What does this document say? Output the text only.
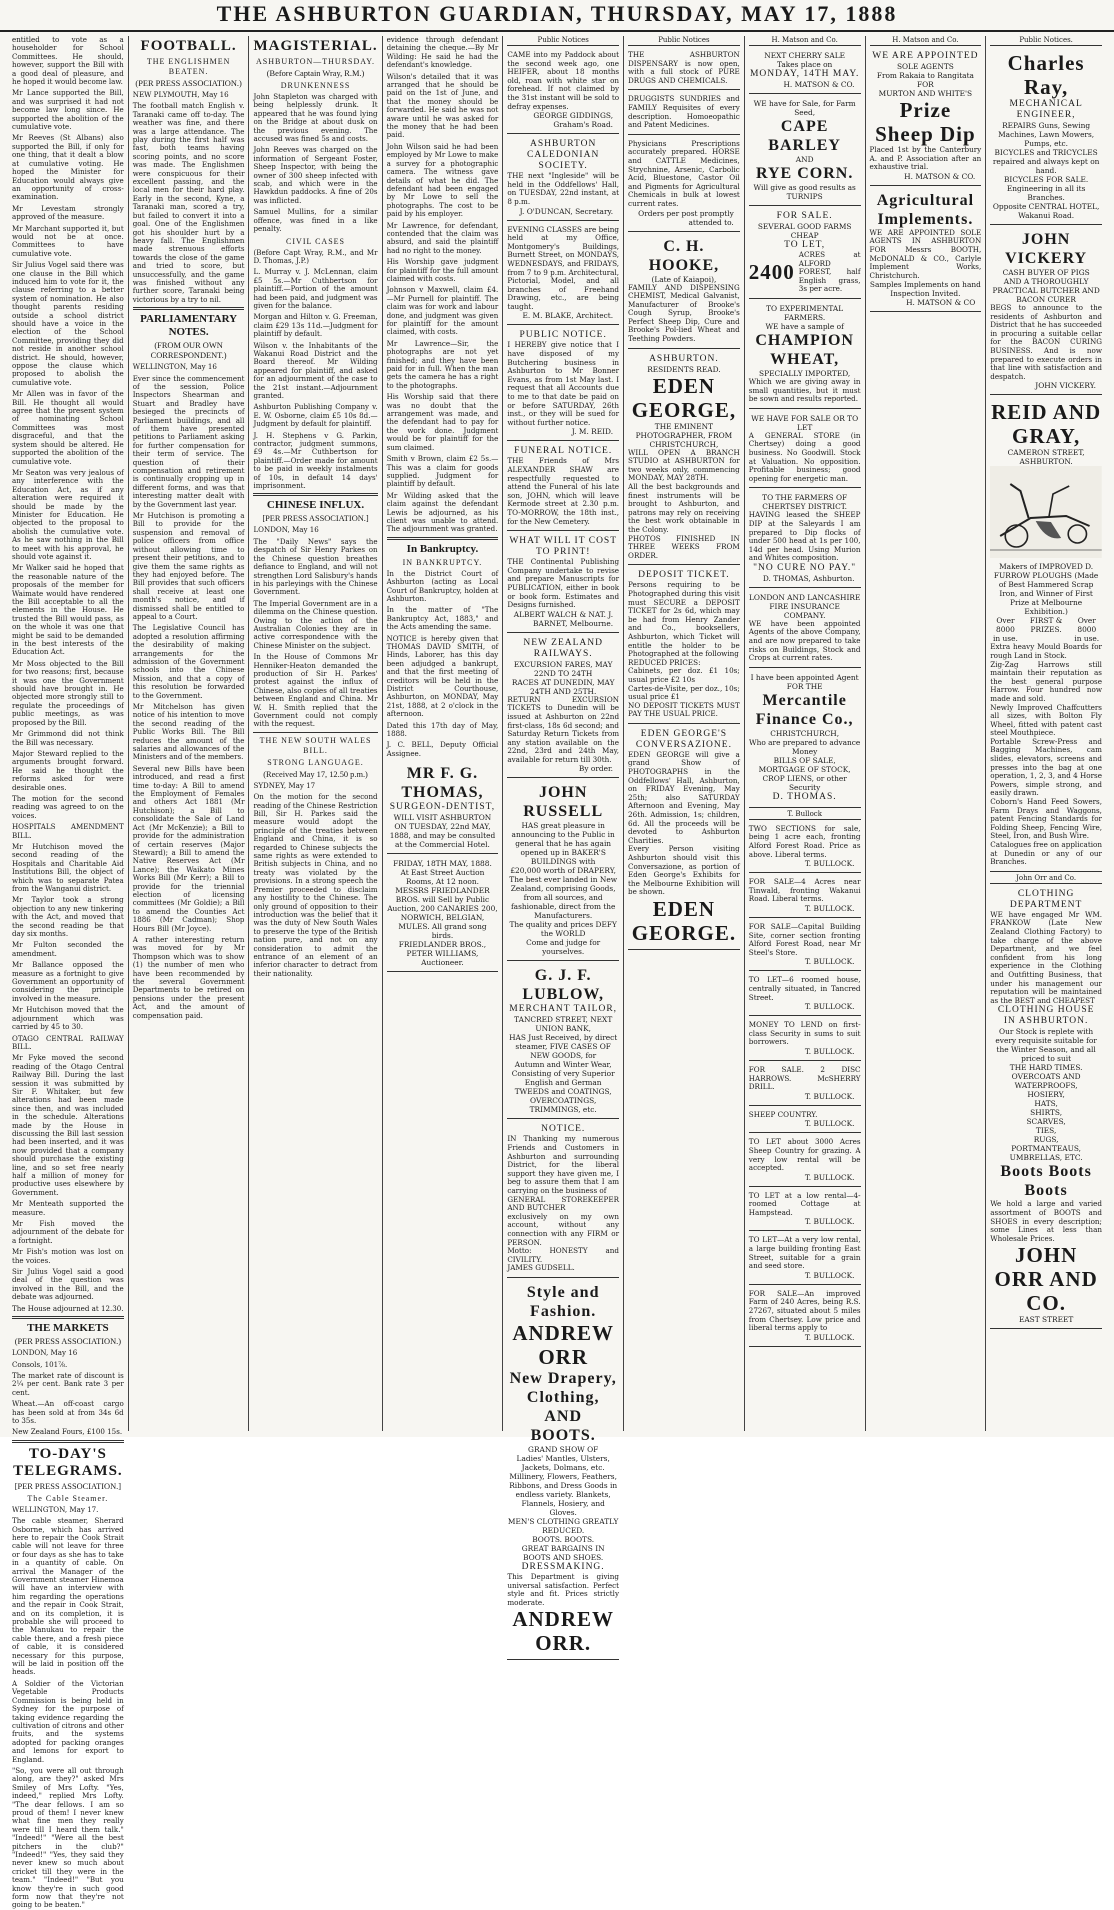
THE ASHBURTON GUARDIAN, THURSDAY, MAY 17, 1888

entitled to vote as a householder for School Committees. He should, however, support the Bill with a good deal of pleasure, and he hoped it would become law.

Mr Lance supported the Bill, and was surprised it had not become law long since. He supported the abolition of the cumulative vote.

Mr Reeves (St Albans) also supported the Bill, if only for one thing, that it dealt a blow at cumulative voting. He hoped the Minister for Education would always give an opportunity of cross-examination.

Mr Levestam strongly approved of the measure.

Mr Marchant supported it, but would not be at once. Committees to have cumulative vote.

Sir Julius Vogel said there was one clause in the Bill which induced him to vote for it, the clause referring to a better system of nomination. He also thought parents residing outside a school district should have a voice in the election of the School Committee, providing they did not reside in another school district. He should, however, oppose the clause which proposed to abolish the cumulative vote.

Mr Allen was in favor of the Bill. He thought all would agree that the present system of nominating School Committees was most disgraceful, and that the system should be altered. He supported the abolition of the cumulative vote.

Mr Seaton was very jealous of any interference with the Education Act, as if any alteration were required it should be made by the Minister for Education. He objected to the proposal to abolish the cumulative vote. As he saw nothing in the Bill to meet with his approval, he should vote against it.

Mr Walker said he hoped that the reasonable nature of the proposals of the member for Waimate would have rendered the Bill acceptable to all the elements in the House. He trusted the Bill would pass, as on the whole it was one that might be said to be demanded in the best interests of the Education Act.

Mr Moss objected to the Bill for two reasons; first, because it was one the Government should have brought in. He objected more strongly still to regulate the proceedings of public meetings, as was proposed by the Bill.

Mr Grimmond did not think the Bill was necessary.

Major Steward replied to the arguments brought forward. He said he thought the reforms asked for were desirable ones.

The motion for the second reading was agreed to on the voices.

HOSPITALS AMENDMENT BILL.

Mr Hutchison moved the second reading of the Hospitals and Charitable Aid Institutions Bill, the object of which was to separate Patea from the Wanganui district.

Mr Taylor took a strong objection to any new tinkering with the Act, and moved that the second reading be that day six months.

Mr Fulton seconded the amendment.

Mr Ballance opposed the measure as a fortnight to give Government an opportunity of considering the principle involved in the measure.

Mr Hutchison moved that the adjournment which was carried by 45 to 30.

OTAGO CENTRAL RAILWAY BILL.

Mr Fyke moved the second reading of the Otago Central Railway Bill. During the last session it was submitted by Sir F. Whitaker, but few alterations had been made since then, and was included in the schedule. Alterations made by the House in discussing the Bill last session had been inserted, and it was now provided that a company should purchase the existing line, and so set free nearly half a million of money for productive uses elsewhere by Government.

Mr Menteath supported the measure.

Mr Fish moved the adjournment of the debate for a fortnight.

Mr Fish's motion was lost on the voices.

Sir Julius Vogel said a good deal of the question was involved in the Bill, and the debate was adjourned.

The House adjourned at 12.30.

THE MARKETS
(PER PRESS ASSOCIATION.)

LONDON, May 16

Consols, 101⅞.

The market rate of discount is 2¼ per cent. Bank rate 3 per cent.

Wheat.—An off-coast cargo has been sold at from 34s 6d to 35s.

New Zealand Fours, £100 15s.

TO-DAY'S TELEGRAMS.
[PER PRESS ASSOCIATION.]
The Cable Steamer.

WELLINGTON, May 17.

The cable steamer, Sherard Osborne, which has arrived here to repair the Cook Strait cable will not leave for three or four days as she has to take in a quantity of cable. On arrival the Manager of the Government steamer Hinemoa will have an interview with him regarding the operations and the repair in Cook Strait, and on its completion, it is probable she will proceed to the Manukau to repair the cable there, and a fresh piece of cable, it is considered necessary for this purpose, will be laid in position off the heads.

A Soldier of the Victorian Vegetable Products Commission is being held in Sydney for the purpose of taking evidence regarding the cultivation of citrons and other fruits, and the systems adopted for packing oranges and lemons for export to England.

"So, you were all out through along, are they?" asked Mrs Smiley of Mrs Lofty. "Yes, indeed," replied Mrs Lofty. "The dear fellows. I am so proud of them! I never knew what fine men they really were till I heard them talk." "Indeed!" "Were all the best pitchers in the club?" "Indeed!" "Yes, they said they never knew so much about cricket till they were in the team." "Indeed!" "But you know they're in such good form now that they're not going to be beaten."

FOOTBALL.
THE ENGLISHMEN BEATEN.
(PER PRESS ASSOCIATION.)

NEW PLYMOUTH, May 16

The football match English v. Taranaki came off to-day. The weather was fine, and there was a large attendance. The play during the first half was fast, both teams having scoring points, and no score was made. The Englishmen were conspicuous for their excellent passing, and the local men for their hard play. Early in the second, Kyne, a Taranaki man, scored a try, but failed to convert it into a goal. One of the Englishmen got his shoulder hurt by a heavy fall. The Englishmen made strenuous efforts towards the close of the game and tried to score, but unsuccessfully, and the game was finished without any further score, Taranaki being victorious by a try to nil.

PARLIAMENTARY NOTES.
(FROM OUR OWN CORRESPONDENT.)

WELLINGTON, May 16

Ever since the commencement of the session, Police Inspectors Shearman and Stuart and Bradley have besieged the precincts of Parliament buildings, and all of them have presented petitions to Parliament asking for further compensation for their term of service. The question of their compensation and retirement is continually cropping up in different forms, and was that interesting matter dealt with by the Government last year.

Mr Hutchison is promoting a Bill to provide for the suspension and removal of police officers from office without allowing time to present their petitions, and to give them the same rights as they had enjoyed before. The Bill provides that such officers shall receive at least one month's notice, and if dismissed shall be entitled to appeal to a Court.

The Legislative Council has adopted a resolution affirming the desirability of making arrangements for the admission of the Government schools into the Chinese Mission, and that a copy of this resolution be forwarded to the Government.

Mr Mitchelson has given notice of his intention to move the second reading of the Public Works Bill. The Bill reduces the amount of the salaries and allowances of the Ministers and of the members.

Several new Bills have been introduced, and read a first time to-day: A Bill to amend the Employment of Females and others Act 1881 (Mr Hutchison); a Bill to consolidate the Sale of Land Act (Mr McKenzie); a Bill to provide for the administration of certain reserves (Major Steward); a Bill to amend the Native Reserves Act (Mr Lance); the Waikato Mines Works Bill (Mr Kerr); a Bill to provide for the triennial election of licensing committees (Mr Goldie); a Bill to amend the Counties Act 1886 (Mr Cadman); Shop Hours Bill (Mr Joyce).

A rather interesting return was moved for by Mr Thompson which was to show (1) the number of men who have been recommended by the several Government Departments to be retired on pensions under the present Act, and the amount of compensation paid.

MAGISTERIAL.
ASHBURTON—THURSDAY.
(Before Captain Wray, R.M.)
DRUNKENNESS

John Stapleton was charged with being helplessly drunk. It appeared that he was found lying on the Bridge at about dusk on the previous evening. The accused was fined 5s and costs.

John Reeves was charged on the information of Sergeant Foster, Sheep Inspector, with being the owner of 300 sheep infected with scab, and which were in the Hawkdun paddocks. A fine of 20s was inflicted.

Samuel Mullins, for a similar offence, was fined in a like penalty.

CIVIL CASES

(Before Capt Wray, R.M., and Mr D. Thomas, J.P.)

L. Murray v. J. McLennan, claim £5 5s.—Mr Cuthbertson for plaintiff.—Portion of the amount had been paid, and judgment was given for the balance.

Morgan and Hilton v. G. Freeman, claim £29 13s 11d.—Judgment for plaintiff by default.

Wilson v. the Inhabitants of the Wakanui Road District and the Board thereof. Mr Wilding appeared for plaintiff, and asked for an adjournment of the case to the 21st instant.—Adjournment granted.

Ashburton Publishing Company v. E. W. Osborne, claim £5 10s 8d.—Judgment by default for plaintiff.

J. H. Stephens v G. Parkin, contractor, judgment summons, £9 4s.—Mr Cuthbertson for plaintiff.—Order made for amount to be paid in weekly instalments of 10s, in default 14 days' imprisonment.

CHINESE INFLUX.
[PER PRESS ASSOCIATION.]

LONDON, May 16

The "Daily News" says the despatch of Sir Henry Parkes on the Chinese question breathes defiance to England, and will not strengthen Lord Salisbury's hands in his parleyings with the Chinese Government.

The Imperial Government are in a dilemma on the Chinese question. Owing to the action of the Australian Colonies they are in active correspondence with the Chinese Minister on the subject.

In the House of Commons Mr Henniker-Heaton demanded the production of Sir H. Parkes' protest against the influx of Chinese, also copies of all treaties between England and China. Mr W. H. Smith replied that the Government could not comply with the request.

THE NEW SOUTH WALES BILL.
STRONG LANGUAGE.
(Received May 17, 12.50 p.m.)

SYDNEY, May 17

On the motion for the second reading of the Chinese Restriction Bill, Sir H. Parkes said the measure would adopt the principle of the treaties between England and China, it is so regarded to Chinese subjects the same rights as were extended to British subjects in China, and no treaty was violated by the provisions. In a strong speech the Premier proceeded to disclaim any hostility to the Chinese. The only ground of opposition to their introduction was the belief that it was the duty of New South Wales to preserve the type of the British nation pure, and not on any consideration to admit the entrance of an element of an inferior character to detract from their nationality.

evidence through defendant detaining the cheque.—By Mr Wilding: He said he had the defendant's knowledge.

Wilson's detailed that it was arranged that he should be paid on the 1st of June, and that the money should be forwarded. He said he was not aware until he was asked for the money that he had been paid.

John Wilson said he had been employed by Mr Lowe to make a survey for a photographic camera. The witness gave details of what he did. The defendant had been engaged by Mr Lowe to sell the photographs. The cost to be paid by his employer.

Mr Lawrence, for defendant, contended that the claim was absurd, and said the plaintiff had no right to the money.

His Worship gave judgment for plaintiff for the full amount claimed with costs.

Johnson v Maxwell, claim £4.—Mr Purnell for plaintiff. The claim was for work and labour done, and judgment was given for plaintiff for the amount claimed, with costs.

Mr Lawrence—Sir, the photographs are not yet finished; and they have been paid for in full. When the man gets the camera he has a right to the photographs.

His Worship said that there was no doubt that the arrangement was made, and the defendant had to pay for the work done. Judgment would be for plaintiff for the sum claimed.

Smith v Brown, claim £2 5s.—This was a claim for goods supplied. Judgment for plaintiff by default.

Mr Wilding asked that the claim against the defendant Lewis be adjourned, as his client was unable to attend. The adjournment was granted.

In Bankruptcy.
IN BANKRUPTCY.

In the District Court of Ashburton (acting as Local Court of Bankruptcy, holden at Ashburton.

In the matter of "The Bankruptcy Act, 1883," and the Acts amending the same.

NOTICE is hereby given that THOMAS DAVID SMITH, of Hinds, Laborer, has this day been adjudged a bankrupt, and that the first meeting of creditors will be held in the District Courthouse, Ashburton, on MONDAY, May 21st, 1888, at 2 o'clock in the afternoon.

Dated this 17th day of May, 1888.

J. C. BELL, Deputy Official Assignee.

MR F. G. THOMAS,
SURGEON-DENTIST,
WILL VISIT ASHBURTON ON TUESDAY, 22nd MAY, 1888, and may be consulted at the Commercial Hotel.
FRIDAY, 18TH MAY, 1888.
At East Street Auction Rooms, At 12 noon.
MESSRS FRIEDLANDER BROS. will Sell by Public Auction, 200 CANARIES 200, NORWICH, BELGIAN, MULES. All grand song birds.
FRIEDLANDER BROS., PETER WILLIAMS, Auctioneer.
Public Notices
CAME into my Paddock about the second week ago, one HEIFER, about 18 months old, roan with white star on forehead. If not claimed by the 31st instant will be sold to defray expenses.
GEORGE GIDDINGS, Graham's Road.
ASHBURTON CALEDONIAN SOCIETY.
THE next "Ingleside" will be held in the Oddfellows' Hall, on TUESDAY, 22nd instant, at 8 p.m.
J. O'DUNCAN, Secretary.
EVENING CLASSES are being held at my Office, Montgomery's Buildings, Burnett Street, on MONDAYS, WEDNESDAYS, and FRIDAYS, from 7 to 9 p.m. Architectural, Pictorial, Model, and all branches of Freehand Drawing, etc., are being taught.
E. M. BLAKE, Architect.
PUBLIC NOTICE.
I HEREBY give notice that I have disposed of my Butchering business in Ashburton to Mr Bonner Evans, as from 1st May last. I request that all Accounts due to me to that date be paid on or before SATURDAY, 26th inst., or they will be sued for without further notice.
J. M. REID.
FUNERAL NOTICE.
THE Friends of Mrs ALEXANDER SHAW are respectfully requested to attend the Funeral of his late son, JOHN, which will leave Kermode street at 2.30 p.m. TO-MORROW, the 18th inst., for the New Cemetery.
WHAT WILL IT COST TO PRINT!
THE Continental Publishing Company undertake to revise and prepare Manuscripts for PUBLICATION, either in book or book form. Estimates and Designs furnished.
ALBERT WALCH & NAT. J. BARNET, Melbourne.
NEW ZEALAND RAILWAYS.
EXCURSION FARES, MAY 22ND TO 24TH
RACES AT DUNEDIN, MAY 24TH AND 25TH.
RETURN EXCURSION TICKETS to Dunedin will be issued at Ashburton on 22nd first-class, 18s 6d second; and Saturday Return Tickets from any station available on the 22nd, 23rd and 24th May, available for return till 30th.
By order.
JOHN RUSSELL
HAS great pleasure in announcing to the Public in general that he has again opened up in BAKER'S BUILDINGS with
£20,000 worth of DRAPERY,
The best ever landed in New Zealand, comprising Goods, from all sources, and fashionable, direct from the Manufacturers.
The quality and prices DEFY the WORLD
Come and judge for yourselves.
G. J. F. LUBLOW,
MERCHANT TAILOR,
TANCRED STREET, NEXT UNION BANK,
HAS Just Received, by direct steamer, FIVE CASES OF NEW GOODS, for
Autumn and Winter Wear,
Consisting of very Superior English and German TWEEDS and COATINGS, OVERCOATINGS, TRIMMINGS, etc.
NOTICE.
IN Thanking my numerous Friends and Customers in Ashburton and surrounding District, for the liberal support they have given me, I beg to assure them that I am carrying on the business of
GENERAL STOREKEEPER AND BUTCHER
exclusively on my own account, without any connection with any FIRM or PERSON.
Motto: HONESTY and CIVILITY.
JAMES GUDSELL.
Style and Fashion.
ANDREW ORR
New Drapery,
Clothing,
AND
BOOTS.
GRAND SHOW OF
Ladies' Mantles, Ulsters, Jackets, Dolmans, etc.
Millinery, Flowers, Feathers, Ribbons, and Dress Goods in endless variety. Blankets, Flannels, Hosiery, and Gloves.
MEN'S CLOTHING GREATLY REDUCED.
BOOTS. BOOTS.
GREAT BARGAINS IN BOOTS AND SHOES.
DRESSMAKING.
This Department is giving universal satisfaction. Perfect style and fit. Prices strictly moderate.
ANDREW ORR.
Public Notices
THE ASHBURTON DISPENSARY is now open, with a full stock of PURE DRUGS AND CHEMICALS.
DRUGGISTS SUNDRIES and FAMILY Requisites of every description. Homoeopathic and Patent Medicines.
Physicians Prescriptions accurately prepared. HORSE and CATTLE Medicines, Strychnine, Arsenic, Carbolic Acid, Bluestone, Castor Oil and Pigments for Agricultural Chemicals in bulk at lowest current rates.
Orders per post promptly attended to.
C. H. HOOKE,
(Late of Kaiapoi),
FAMILY AND DISPENSING CHEMIST, Medical Galvanist, Manufacturer of Brooke's Cough Syrup, Brooke's Perfect Sheep Dip, Cure and Brooke's Pol-lied Wheat and Teething Powders.
ASHBURTON.
RESIDENTS READ.
EDEN GEORGE,
THE EMINENT PHOTOGRAPHER, FROM CHRISTCHURCH,
WILL OPEN A BRANCH STUDIO at ASHBURTON for two weeks only, commencing MONDAY, MAY 28TH.
All the best backgrounds and finest instruments will be brought to Ashburton, and patrons may rely on receiving the best work obtainable in the Colony.
PHOTOS FINISHED IN THREE WEEKS FROM ORDER.
DEPOSIT TICKET.
Persons requiring to be Photographed during this visit must SECURE a DEPOSIT TICKET for 2s 6d, which may be had from Henry Zander and Co., booksellers, Ashburton, which Ticket will entitle the holder to be Photographed at the following
REDUCED PRICES:
Cabinets, per doz. £1 10s; usual price £2 10s
Cartes-de-Visite, per doz., 10s; usual price £1
NO DEPOSIT TICKETS MUST PAY THE USUAL PRICE.
EDEN GEORGE'S CONVERSAZIONE.
EDEN GEORGE will give a grand Show of PHOTOGRAPHS in the Oddfellows' Hall, Ashburton, on FRIDAY Evening, May 25th; also SATURDAY Afternoon and Evening, May 26th. Admission, 1s; children, 6d. All the proceeds will be devoted to Ashburton Charities.
Every Person visiting Ashburton should visit this Conversazione, as portion of Eden George's Exhibits for the Melbourne Exhibition will be shown.
EDEN GEORGE.
H. Matson and Co.
NEXT CHERRY SALE
Takes place on
MONDAY, 14TH MAY.
H. MATSON & CO.
WE have for Sale, for Farm Seed,
CAPE BARLEY
AND
RYE CORN.
Will give as good results as TURNIPS
FOR SALE.
SEVERAL GOOD FARMS CHEAP
TO LET,
2400
ACRES at ALFORD FOREST, half English grass, 3s per acre.
TO EXPERIMENTAL FARMERS.
WE have a sample of
CHAMPION WHEAT,
SPECIALLY IMPORTED,
Which we are giving away in small quantities, but it must be sown and results reported.
WE HAVE FOR SALE OR TO LET
A GENERAL STORE (in Chertsey) doing a good business. No Goodwill. Stock at Valuation. No opposition. Profitable business; good opening for energetic man.
TO THE FARMERS OF CHERTSEY DISTRICT.
HAVING leased the SHEEP DIP at the Saleyards I am prepared to Dip flocks of under 500 head at 1s per 100, 14d per head. Using Murion and Whites composition.
"NO CURE NO PAY."
D. THOMAS, Ashburton.
LONDON AND LANCASHIRE FIRE INSURANCE COMPANY.
WE have been appointed Agents of the above Company, and are now prepared to take risks on Buildings, Stock and Crops at current rates.
I have been appointed Agent FOR THE
Mercantile Finance Co.,
CHRISTCHURCH,
Who are prepared to advance Money
BILLS OF SALE,
MORTGAGE OF STOCK,
CROP LIENS, or other Security
D. THOMAS.
T. Bullock
TWO SECTIONS for sale, being 1 acre each, fronting Alford Forest Road. Price as above. Liberal terms.
T. BULLOCK.
FOR SALE—4 Acres near Tinwald, fronting Wakanui Road. Liberal terms.
T. BULLOCK.
FOR SALE—Capital Building Site, corner section fronting Alford Forest Road, near Mr Steel's Store.
T. BULLOCK.
TO LET—6 roomed house, centrally situated, in Tancred Street.
T. BULLOCK.
MONEY TO LEND on first-class Security in sums to suit borrowers.
T. BULLOCK.
FOR SALE. 2 DISC HARROWS. McSHERRY DRILL.
T. BULLOCK.
SHEEP COUNTRY.
T. BULLOCK.
TO LET about 3000 Acres Sheep Country for grazing. A very low rental will be accepted.
T. BULLOCK.
TO LET at a low rental—4-roomed Cottage at Hampstead.
T. BULLOCK.
TO LET—At a very low rental, a large building fronting East Street, suitable for a grain and seed store.
T. BULLOCK.
FOR SALE—An improved Farm of 240 Acres, being R.S. 27267, situated about 5 miles from Chertsey. Low price and liberal terms apply to
T. BULLOCK.
H. Matson and Co.
WE ARE APPOINTED
SOLE AGENTS
From Rakaia to Rangitata FOR
MURTON AND WHITE'S
Prize Sheep Dip
Placed 1st by the Canterbury A. and P. Association after an exhaustive trial.
H. MATSON & CO.
Agricultural Implements.
WE ARE APPOINTED SOLE AGENTS IN ASHBURTON FOR Messrs BOOTH, McDONALD & CO., Carlyle Implement Works, Christchurch.
Samples Implements on hand
Inspection Invited.
H. MATSON & CO
Public Notices.
Charles Ray,
MECHANICAL ENGINEER,
REPAIRS Guns, Sewing Machines, Lawn Mowers, Pumps, etc.
BICYCLES and TRICYCLES repaired and always kept on hand.
BICYCLES FOR SALE.
Engineering in all its Branches.
Opposite CENTRAL HOTEL, Wakanui Road.
JOHN VICKERY
CASH BUYER OF PIGS
AND A THOROUGHLY PRACTICAL BUTCHER AND BACON CURER
BEGS to announce to the residents of Ashburton and District that he has succeeded in procuring a suitable cellar for the BACON CURING BUSINESS. And is now prepared to execute orders in that line with satisfaction and despatch.
JOHN VICKERY.
REID AND GRAY,
CAMERON STREET,
ASHBURTON.
Makers of IMPROVED D. FURROW PLOUGHS (Made of Best Hammered Scrap Iron, and Winner of First Prize at Melbourne Exhibition.)
Over 8000
in use.
FIRST & PRIZES.
Over 8000
in use.
Extra heavy Mould Boards for rough Land in Stock.
Zig-Zag Harrows still maintain their reputation as the best general purpose Harrow. Four hundred now made and sold.
Newly Improved Chaffcutters all sizes, with Bolton Fly Wheel, fitted with patent cast steel Mouthpiece.
Portable Screw-Press and Bagging Machines, cam slides, elevators, screens and presses into the bag at one operation, 1, 2, 3, and 4 Horse Powers, simple strong, and easily drawn.
Coborn's Hand Feed Sowers, Farm Drays and Waggons, patent Fencing Standards for Folding Sheep, Fencing Wire, Steel, Iron, and Bush Wire.
Catalogues free on application at Dunedin or any of our Branches.
John Orr and Co.
CLOTHING DEPARTMENT
WE have engaged Mr WM. FRANKOW (Late New Zealand Clothing Factory) to take charge of the above Department, and we feel confident from his long experience in the Clothing and Outfitting Business, that under his management our reputation will be maintained as the BEST and CHEAPEST
CLOTHING HOUSE IN ASHBURTON.
Our Stock is replete with every requisite suitable for the Winter Season, and all priced to suit
THE HARD TIMES.
OVERCOATS AND WATERPROOFS,
HOSIERY,
HATS,
SHIRTS,
SCARVES,
TIES,
RUGS,
PORTMANTEAUS, UMBRELLAS, ETC.
Boots Boots Boots
We hold a large and varied assortment of BOOTS and SHOES in every description; some Lines at less than Wholesale Prices.
JOHN ORR AND CO.
EAST STREET
